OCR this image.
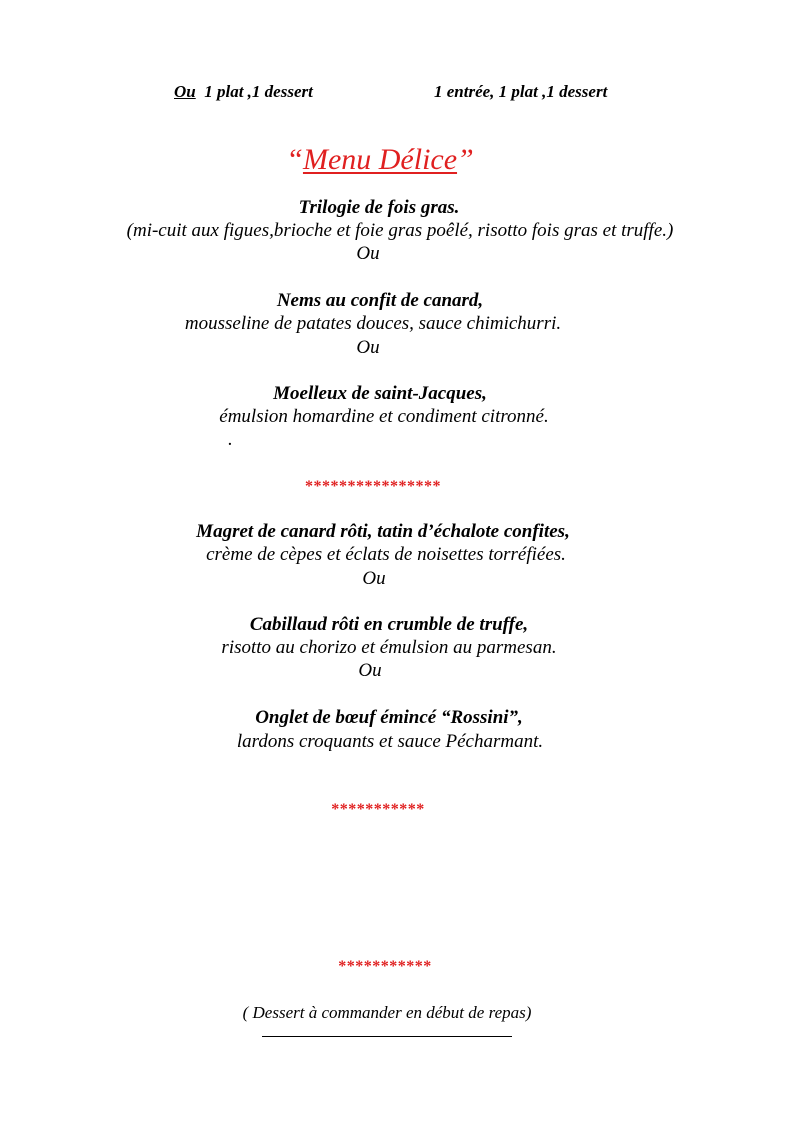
Ou 1 plat ,1 dessert	1 entrée, 1 plat ,1 dessert
“Menu Délice”
Trilogie de fois gras.
(mi-cuit aux figues,brioche et foie gras poêlé, risotto fois gras et truffe.)
Ou
Nems au confit de canard,
mousseline de patates douces, sauce chimichurri.
Ou
Moelleux de saint-Jacques,
émulsion homardine et condiment citronné.
.
****************
Magret de canard rôti, tatin d’échalote confites,
crème de cèpes et éclats de noisettes torréfiées.
Ou
Cabillaud rôti en crumble de truffe,
risotto au chorizo et émulsion au parmesan.
Ou
Onglet de bœuf émincé “Rossini”,
lardons croquants et sauce Pécharmant.
***********
***********
( Dessert à commander en début de repas)
